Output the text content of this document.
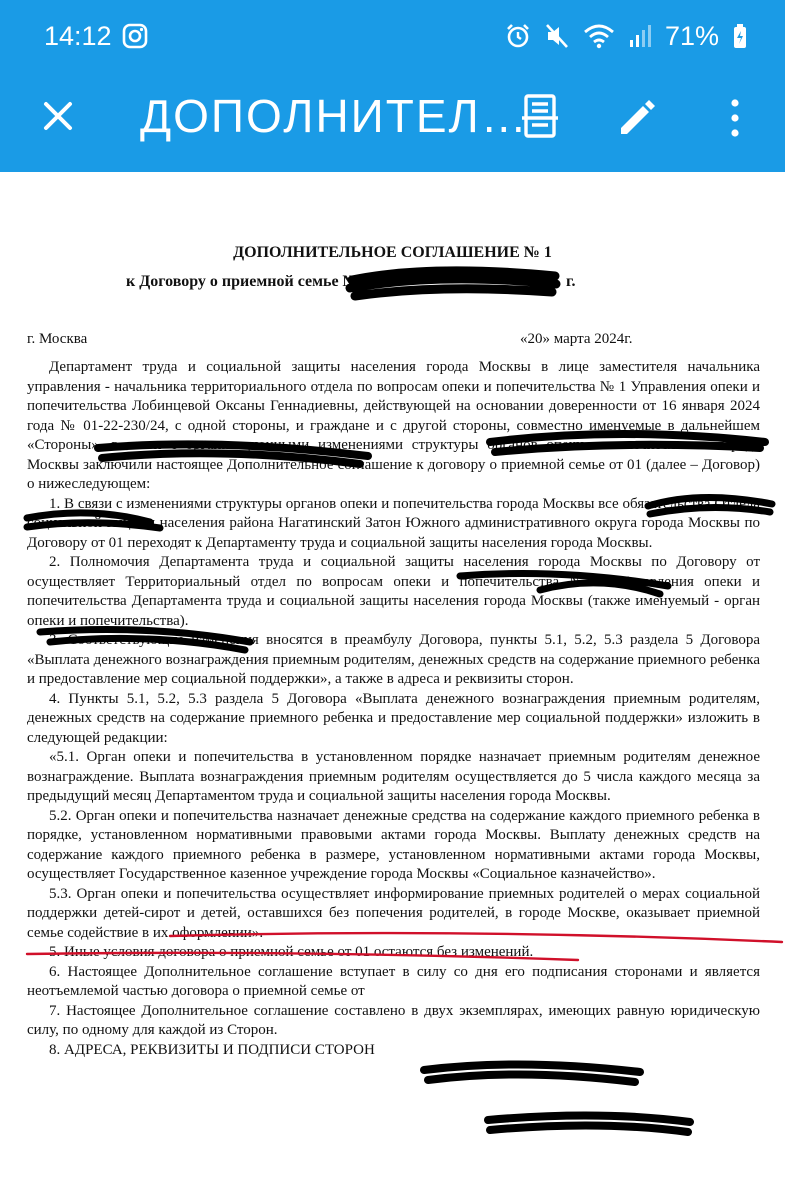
14:12	71%
ДОПОЛНИТЕЛ…
ДОПОЛНИТЕЛЬНОЕ СОГЛАШЕНИЕ № 1
к Договору о приемной семье №	г.
г. Москва	«20» марта 2024г.

Департамент труда и социальной защиты населения города Москвы в лице заместителя начальника управления - начальника территориального отдела по вопросам опеки и попечительства № 1 Управления опеки и попечительства Лобинцевой Оксаны Геннадиевны, действующей на основании доверенности от 16 января 2024 года № 01-22-230/24, с одной стороны, и граждане и с другой стороны, совместно именуемые в дальнейшем «Стороны», в связи с организационными изменениями структуры органов опеки и попечительства города Москвы заключили настоящее Дополнительное соглашение к договору о приемной семье от 01 (далее – Договор) о нижеследующем:

1. В связи с изменениями структуры органов опеки и попечительства города Москвы все обязательства Отдела социальной защиты населения района Нагатинский Затон Южного административного округа города Москвы по Договору от 01 переходят к Департаменту труда и социальной защиты населения города Москвы.

2. Полномочия Департамента труда и социальной защиты населения города Москвы по Договору от осуществляет Территориальный отдел по вопросам опеки и попечительства № 1 Управления опеки и попечительства Департамента труда и социальной защиты населения города Москвы (также именуемый - орган опеки и попечительства).

3. Соответствующие изменения вносятся в преамбулу Договора, пункты 5.1, 5.2, 5.3 раздела 5 Договора «Выплата денежного вознаграждения приемным родителям, денежных средств на содержание приемного ребенка и предоставление мер социальной поддержки», а также в адреса и реквизиты сторон.

4. Пункты 5.1, 5.2, 5.3 раздела 5 Договора «Выплата денежного вознаграждения приемным родителям, денежных средств на содержание приемного ребенка и предоставление мер социальной поддержки» изложить в следующей редакции:

«5.1. Орган опеки и попечительства в установленном порядке назначает приемным родителям денежное вознаграждение. Выплата вознаграждения приемным родителям осуществляется до 5 числа каждого месяца за предыдущий месяц Департаментом труда и социальной защиты населения города Москвы.

5.2. Орган опеки и попечительства назначает денежные средства на содержание каждого приемного ребенка в порядке, установленном нормативными правовыми актами города Москвы. Выплату денежных средств на содержание каждого приемного ребенка в размере, установленном нормативными актами города Москвы, осуществляет Государственное казенное учреждение города Москвы «Социальное казначейство».

5.3. Орган опеки и попечительства осуществляет информирование приемных родителей о мерах социальной поддержки детей-сирот и детей, оставшихся без попечения родителей, в городе Москве, оказывает приемной семье содействие в их оформлении».

5. Иные условия договора о приемной семье от 01 остаются без изменений.

6. Настоящее Дополнительное соглашение вступает в силу со дня его подписания сторонами и является неотъемлемой частью договора о приемной семье от

7. Настоящее Дополнительное соглашение составлено в двух экземплярах, имеющих равную юридическую силу, по одному для каждой из Сторон.

8. АДРЕСА, РЕКВИЗИТЫ И ПОДПИСИ СТОРОН
